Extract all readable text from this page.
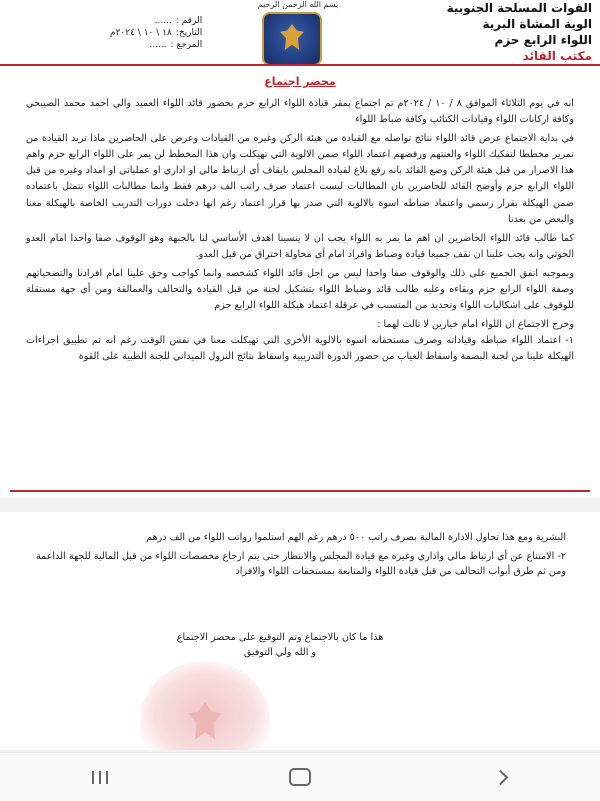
القوات المسلحة الجنوبية
الوية المشاة البرية
اللواء الرابع حزم
مكتب القائد
بسم الله الرحمن الرحيم
الرقم :
......
التاريخ:
١٨ \ ١٠ \ ٢٠٢٤م
المرجع :
......
محضر اجتماع

انه في يوم الثلاثاء الموافق ٨ / ١٠ / ٢٠٢٤م تم اجتماع بمقر قيادة اللواء الرابع حزم بحضور قائد اللواء العميد والي احمد محمد الصبيحي وكافة اركانات اللواء وقيادات الكتائب وكافة ضباط اللواء

في بداية الاجتماع عرض قائد اللواء نتائج تواصله مع القيادة من هيئة الركن وغيره من القيادات وعرض على الحاضرين ماذا تريد القيادة من تمرير مخططا لتفكيك اللواء والعنتهم ورفضهم اعتماد اللواء ضمن الالوية التي تهيكلت وان هذا المخطط لن يمر على اللواء الرابع حزم واهم هذا الاصرار من قبل هيئة الركن وضع القائد بانه رفع بلاغ لقيادة المجلس بايقاف أي ارتباط مالي او اداري او عملياتي او امداد وغيره من قبل اللواء الرابع حزم وأوضح القائد للحاضرين بان المطالبات ليست اعتماد صرف راتب الف درهم فقط وانما مطالبات اللواء تتمثل باعتماده ضمن الهيكلة بقرار رسمي واعتماد ضباطه اسوة بالالوية التي صدر بها قرار اعتماد رغم انها دخلت دورات التدريب الخاصة بالهيكلة معنا والبعض من بعدنا

كما طالب قائد اللواء الحاضرين ان اهم ما يمر به اللواء يجب ان لا ينسينا اهدف الأساسي لنا بالجبهة وهو الوقوف صفا واحدا امام العدو الحوثي وانه يجب علينا ان نقف جميعا قيادة وضباط وافراد امام أي محاولة اختراق من قبل العدو.

وبموجبه اتفق الجميع على ذلك والوقوف صفا واحدا ليس من اجل قائد اللواء كشخصه وانما كواجب وحق علينا امام افرادنا والتضحياتهم وصفة اللواء الرابع حزم وبقاءه وعليه طالب قائد وضباط اللواء بتشكيل لجنة من قبل القيادة والتحالف والعمالقة ومن أي جهة مستقلة للوقوف على اشكاليات اللواء وتحديد من المتسبب في عرقلة اعتماد هيكلة اللواء الرابع حزم

وخرج الاجتماع ان اللواء امام خيارين لا ثالث لهما :

١- اعتماد اللواء ضباطه وقياداته وصرف مستحقاته اسوة بالالوية الأخرى التي تهيكلت معنا في نفس الوقت رغم انه تم تطبيق اجراءات الهيكلة علينا من لجنة البصمة واسقاط الغياب من حضور الدورة التدريبية واسقاط نتائج النزول الميداني للجنة الطبية على القوة

البشرية ومع هذا تحاول الادارة المالية بصرف راتب ٥٠٠ درهم رغم الهم استلموا رواتب اللواء من الف درهم

٢- الامتناع عن أي ارتباط مالي واداري وغيره مع قيادة المجلس والانتظار حتى يتم ارجاع مخصصات اللواء من قبل المالية للجهة الداعمة ومن ثم طرق أبواب التحالف من قبل قيادة اللواء والمتابعة بمستحقات اللواء والافراد

هذا ما كان بالاجتماع وتم التوقيع على محضر الاجتماع
و الله ولي التوفيق
